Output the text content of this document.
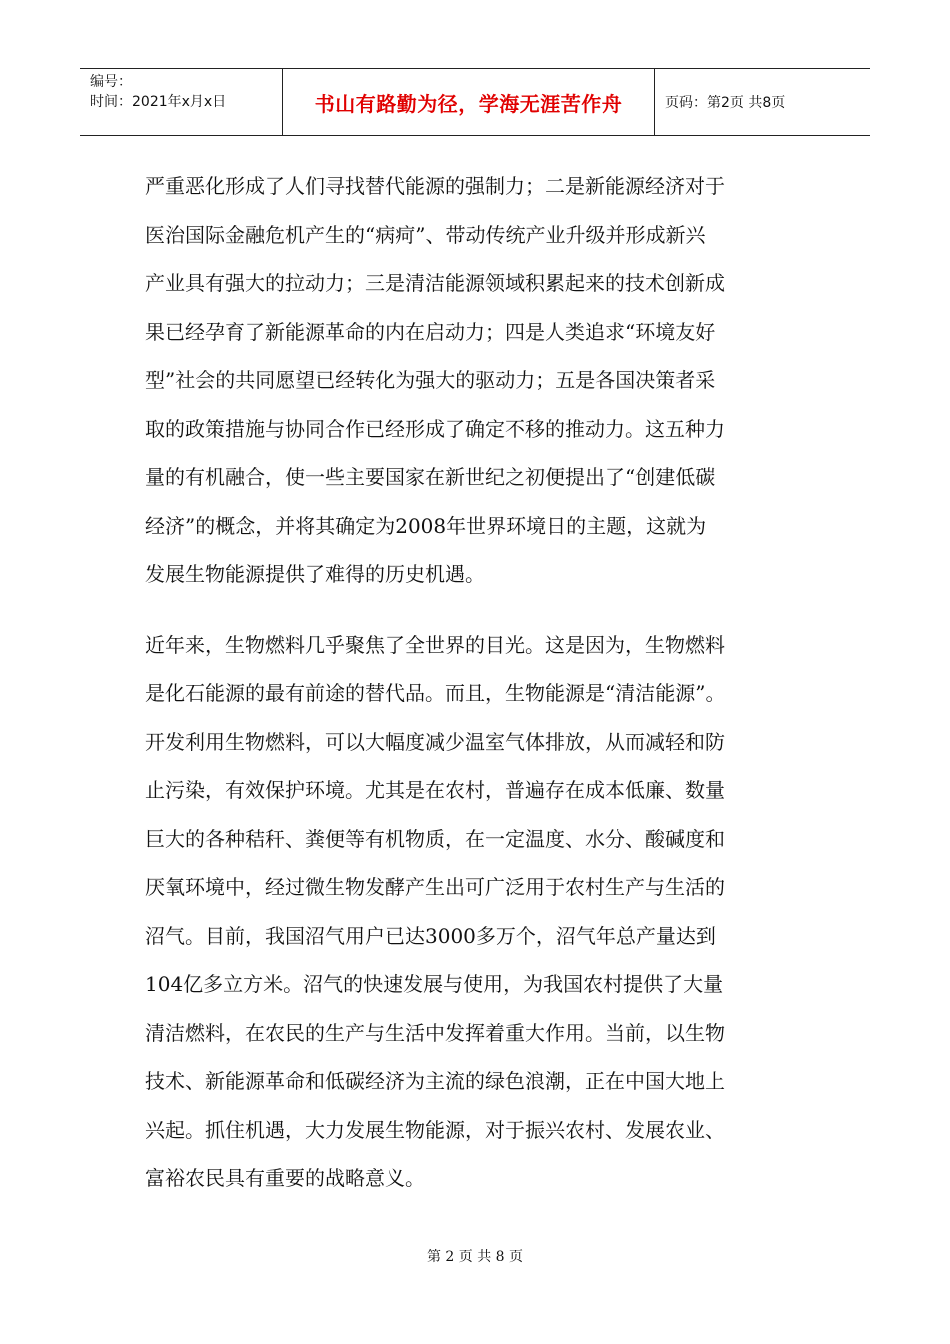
编号：
时间：2021年x月x日	书山有路勤为径，学海无涯苦作舟	页码：第2页 共8页
严重恶化形成了人们寻找替代能源的强制力；二是新能源经济对于
医治国际金融危机产生的“病疴”、带动传统产业升级并形成新兴
产业具有强大的拉动力；三是清洁能源领域积累起来的技术创新成
果已经孕育了新能源革命的内在启动力；四是人类追求“环境友好
型”社会的共同愿望已经转化为强大的驱动力；五是各国决策者采
取的政策措施与协同合作已经形成了确定不移的推动力。这五种力
量的有机融合，使一些主要国家在新世纪之初便提出了“创建低碳
经济”的概念，并将其确定为2008年世界环境日的主题，这就为
发展生物能源提供了难得的历史机遇。
近年来，生物燃料几乎聚焦了全世界的目光。这是因为，生物燃料
是化石能源的最有前途的替代品。而且，生物能源是“清洁能源”。
开发利用生物燃料，可以大幅度减少温室气体排放，从而减轻和防
止污染，有效保护环境。尤其是在农村，普遍存在成本低廉、数量
巨大的各种秸秆、粪便等有机物质，在一定温度、水分、酸碱度和
厌氧环境中，经过微生物发酵产生出可广泛用于农村生产与生活的
沼气。目前，我国沼气用户已达3000多万个，沼气年总产量达到
104亿多立方米。沼气的快速发展与使用，为我国农村提供了大量
清洁燃料，在农民的生产与生活中发挥着重大作用。当前，以生物
技术、新能源革命和低碳经济为主流的绿色浪潮，正在中国大地上
兴起。抓住机遇，大力发展生物能源，对于振兴农村、发展农业、
富裕农民具有重要的战略意义。
第 2 页 共 8 页
